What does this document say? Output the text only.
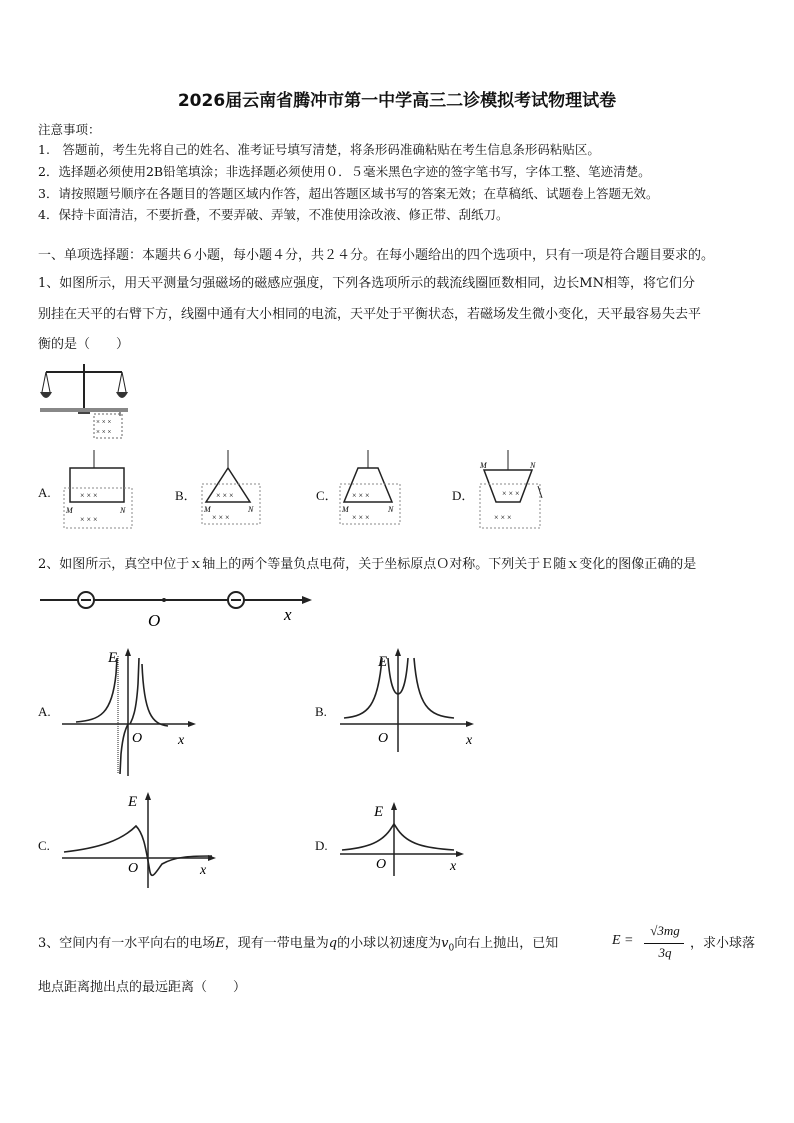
2026届云南省腾冲市第一中学高三二诊模拟考试物理试卷
注意事项：
1.　答题前，考生先将自己的姓名、准考证号填写清楚，将条形码准确粘贴在考生信息条形码粘贴区。
2．选择题必须使用2B铅笔填涂；非选择题必须使用０．５毫米黑色字迹的签字笔书写，字体工整、笔迹清楚。
3．请按照题号顺序在各题目的答题区域内作答，超出答题区域书写的答案无效；在草稿纸、试题卷上答题无效。
4．保持卡面清洁，不要折叠，不要弄破、弄皱，不准使用涂改液、修正带、刮纸刀。
一、单项选择题：本题共６小题，每小题４分，共２４分。在每小题给出的四个选项中，只有一项是符合题目要求的。
1、如图所示，用天平测量匀强磁场的磁感应强度，下列各选项所示的载流线圈匝数相同，边长MN相等，将它们分
别挂在天平的右臂下方，线圈中通有大小相同的电流，天平处于平衡状态，若磁场发生微小变化，天平最容易失去平
衡的是（　　）
× × ×
× × ×
A.	× × ×
× × ×
M	N
B． × × ×
× × ×
M	N
C． × × ×
× × ×
M	N
D．	× × ×
× × ×
M	N
2、如图所示，真空中位于ｘ轴上的两个等量负点电荷，关于坐标原点Ｏ对称。下列关于Ｅ随ｘ变化的图像正确的是
O	x
A.
E
O	x
B.
E
O	x
C.
E
O	x
D.
E
O	x
3、空间内有一水平向右的电场E，现有一带电量为q的小球以初速度为$v_0$向右上抛出，已知	E =
√3mg
3q
，求小球落
地点距离抛出点的最远距离（　　）
